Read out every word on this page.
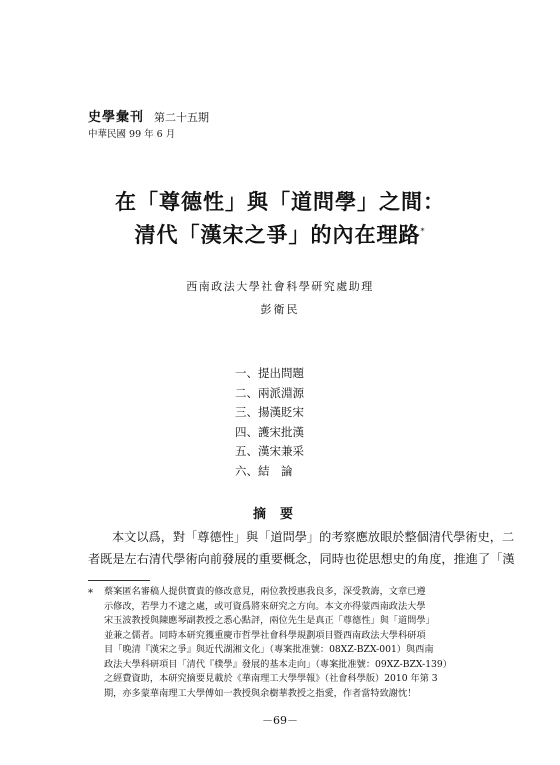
史學彙刊 第二十五期
中華民國 99 年 6 月
在「尊德性」與「道問學」之間：
清代「漢宋之爭」的內在理路*
西南政法大學社會科學研究處助理
彭衛民
一、提出問題
二、兩派淵源
三、揚漢貶宋
四、護宋批漢
五、漢宋兼采
六、結　論
摘要
本文以爲，對「尊德性」與「道問學」的考察應放眼於整個清代學術史，二
者既是左右清代學術向前發展的重要概念，同時也從思想史的角度，推進了「漢
* 蔡案匿名審稿人提供寶貴的修改意見，兩位教授惠我良多，深受教誨，文章已遵
示修改，若學力不逮之處，或可資爲將來研究之方向。本文亦得蒙西南政法大學
宋玉波教授與陳應琴副教授之悉心點評，兩位先生是真正「尊德性」與「道問學」
並兼之儒者。同時本研究獲重慶市哲學社會科學規劃項目暨西南政法大學科研項
目「晚清『漢宋之爭』與近代湖湘文化」（專案批准號：08XZ-BZX-001）與西南
政法大學科研項目「清代『樸學』發展的基本走向」（專案批准號：09XZ-BZX-139）
之經費資助，本研究摘要見載於《華南理工大學學報》（社會科學版）2010 年第 3
期，亦多蒙華南理工大學傅如一教授與余樹華教授之指愛，作者當特致謝忱！
－69－
